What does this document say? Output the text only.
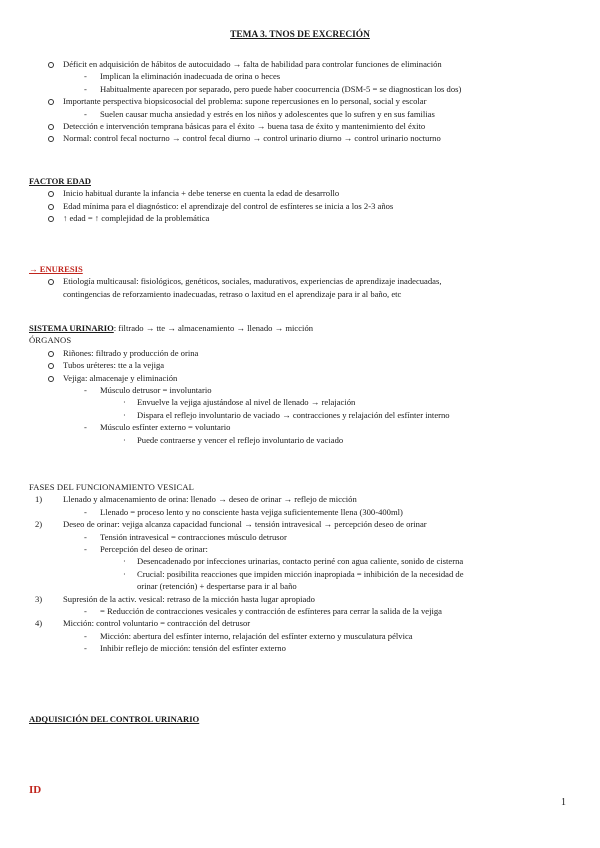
TEMA 3. TNOS DE EXCRECIÓN
Déficit en adquisición de hábitos de autocuidado → falta de habilidad para controlar funciones de eliminación
- Implican la eliminación inadecuada de orina o heces
- Habitualmente aparecen por separado, pero puede haber coocurrencia (DSM-5 = se diagnostican los dos)
Importante perspectiva biopsicosocial del problema: supone repercusiones en lo personal, social y escolar
- Suelen causar mucha ansiedad y estrés en los niños y adolescentes que lo sufren y en sus familias
Detección e intervención temprana básicas para el éxito → buena tasa de éxito y mantenimiento del éxito
Normal: control fecal nocturno → control fecal diurno → control urinario diurno → control urinario nocturno
FACTOR EDAD
Inicio habitual durante la infancia + debe tenerse en cuenta la edad de desarrollo
Edad mínima para el diagnóstico: el aprendizaje del control de esfínteres se inicia a los 2-3 años
↑ edad = ↑ complejidad de la problemática
→ ENURESIS
Etiología multicausal: fisiológicos, genéticos, sociales, madurativos, experiencias de aprendizaje inadecuadas,
contingencias de reforzamiento inadecuadas, retraso o laxitud en el aprendizaje para ir al baño, etc
SISTEMA URINARIO: filtrado → tte → almacenamiento → llenado → micción
ÓRGANOS
Riñones: filtrado y producción de orina
Tubos uréteres: tte a la vejiga
Vejiga: almacenaje y eliminación
- Músculo detrusor = involuntario
· Envuelve la vejiga ajustándose al nivel de llenado → relajación
· Dispara el reflejo involuntario de vaciado → contracciones y relajación del esfínter interno
- Músculo esfínter externo = voluntario
· Puede contraerse y vencer el reflejo involuntario de vaciado
FASES DEL FUNCIONAMIENTO VESICAL
1) Llenado y almacenamiento de orina: llenado → deseo de orinar → reflejo de micción
- Llenado = proceso lento y no consciente hasta vejiga suficientemente llena (300-400ml)
2) Deseo de orinar: vejiga alcanza capacidad funcional → tensión intravesical → percepción deseo de orinar
- Tensión intravesical = contracciones músculo detrusor
- Percepción del deseo de orinar:
· Desencadenado por infecciones urinarias, contacto periné con agua caliente, sonido de cisterna
· Crucial: posibilita reacciones que impiden micción inapropiada = inhibición de la necesidad de
orinar (retención) + despertarse para ir al baño
3) Supresión de la activ. vesical: retraso de la micción hasta lugar apropiado
- = Reducción de contracciones vesicales y contracción de esfínteres para cerrar la salida de la vejiga
4) Micción: control voluntario = contracción del detrusor
- Micción: abertura del esfínter interno, relajación del esfínter externo y musculatura pélvica
- Inhibir reflejo de micción: tensión del esfínter externo
ADQUISICIÓN DEL CONTROL URINARIO
ID
1
